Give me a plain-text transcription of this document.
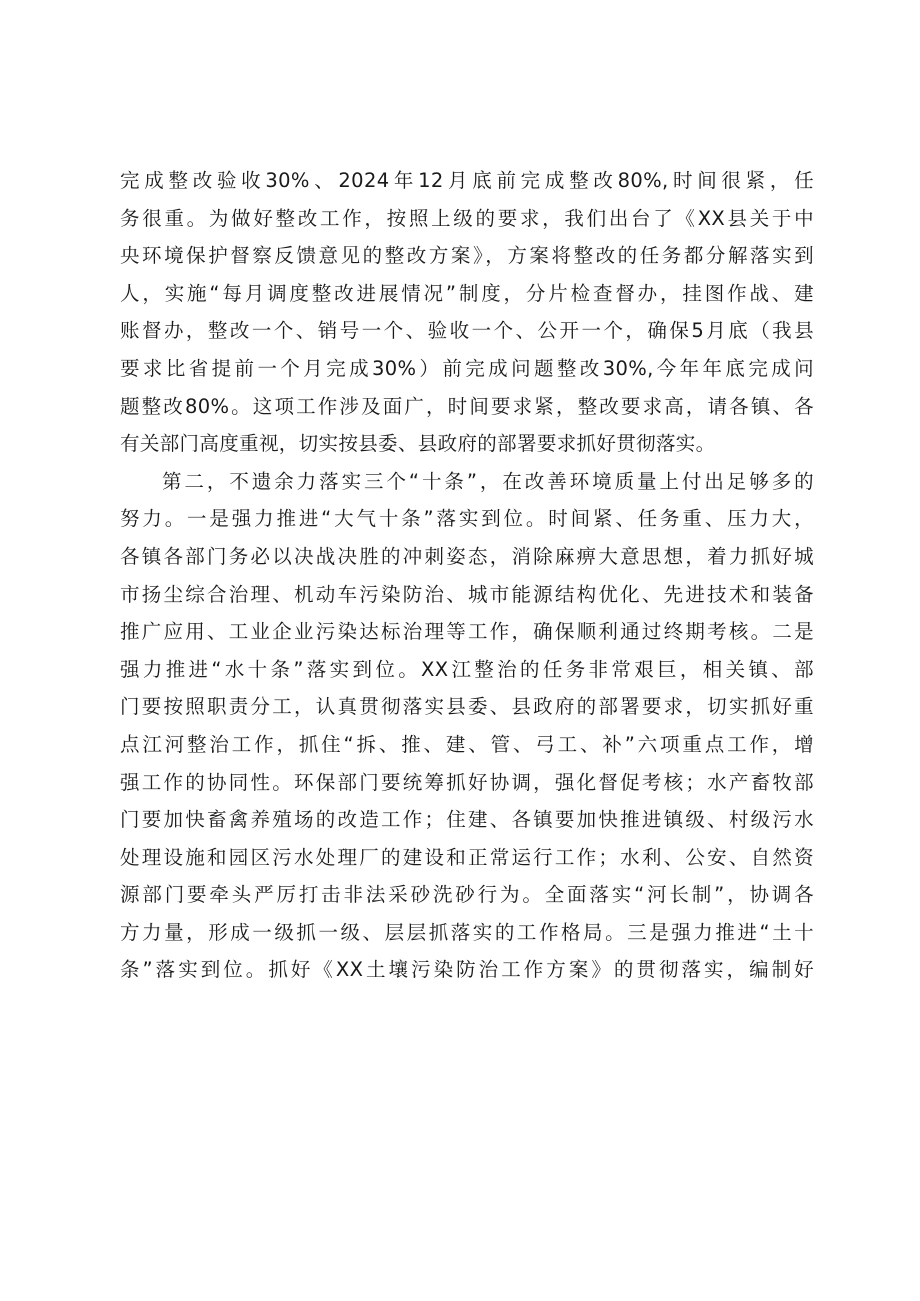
完成整改验收30%、2024年12月底前完成整改80%,时间很紧，任
务很重。为做好整改工作，按照上级的要求，我们出台了《XX县关于中
央环境保护督察反馈意见的整改方案》，方案将整改的任务都分解落实到
人，实施“每月调度整改进展情况”制度，分片检查督办，挂图作战、建
账督办，整改一个、销号一个、验收一个、公开一个，确保5月底（我县
要求比省提前一个月完成30%）前完成问题整改30%,今年年底完成问
题整改80%。这项工作涉及面广，时间要求紧，整改要求高，请各镇、各
有关部门高度重视，切实按县委、县政府的部署要求抓好贯彻落实。
第二，不遗余力落实三个“十条”，在改善环境质量上付出足够多的
努力。一是强力推进“大气十条”落实到位。时间紧、任务重、压力大，
各镇各部门务必以决战决胜的冲刺姿态，消除麻痹大意思想，着力抓好城
市扬尘综合治理、机动车污染防治、城市能源结构优化、先进技术和装备
推广应用、工业企业污染达标治理等工作，确保顺利通过终期考核。二是
强力推进“水十条”落实到位。XX江整治的任务非常艰巨，相关镇、部
门要按照职责分工，认真贯彻落实县委、县政府的部署要求，切实抓好重
点江河整治工作，抓住“拆、推、建、管、弓工、补”六项重点工作，增
强工作的协同性。环保部门要统筹抓好协调，强化督促考核；水产畜牧部
门要加快畜禽养殖场的改造工作；住建、各镇要加快推进镇级、村级污水
处理设施和园区污水处理厂的建设和正常运行工作；水利、公安、自然资
源部门要牵头严厉打击非法采砂洗砂行为。全面落实“河长制”，协调各
方力量，形成一级抓一级、层层抓落实的工作格局。三是强力推进“土十
条”落实到位。抓好《XX土壤污染防治工作方案》的贯彻落实，编制好
